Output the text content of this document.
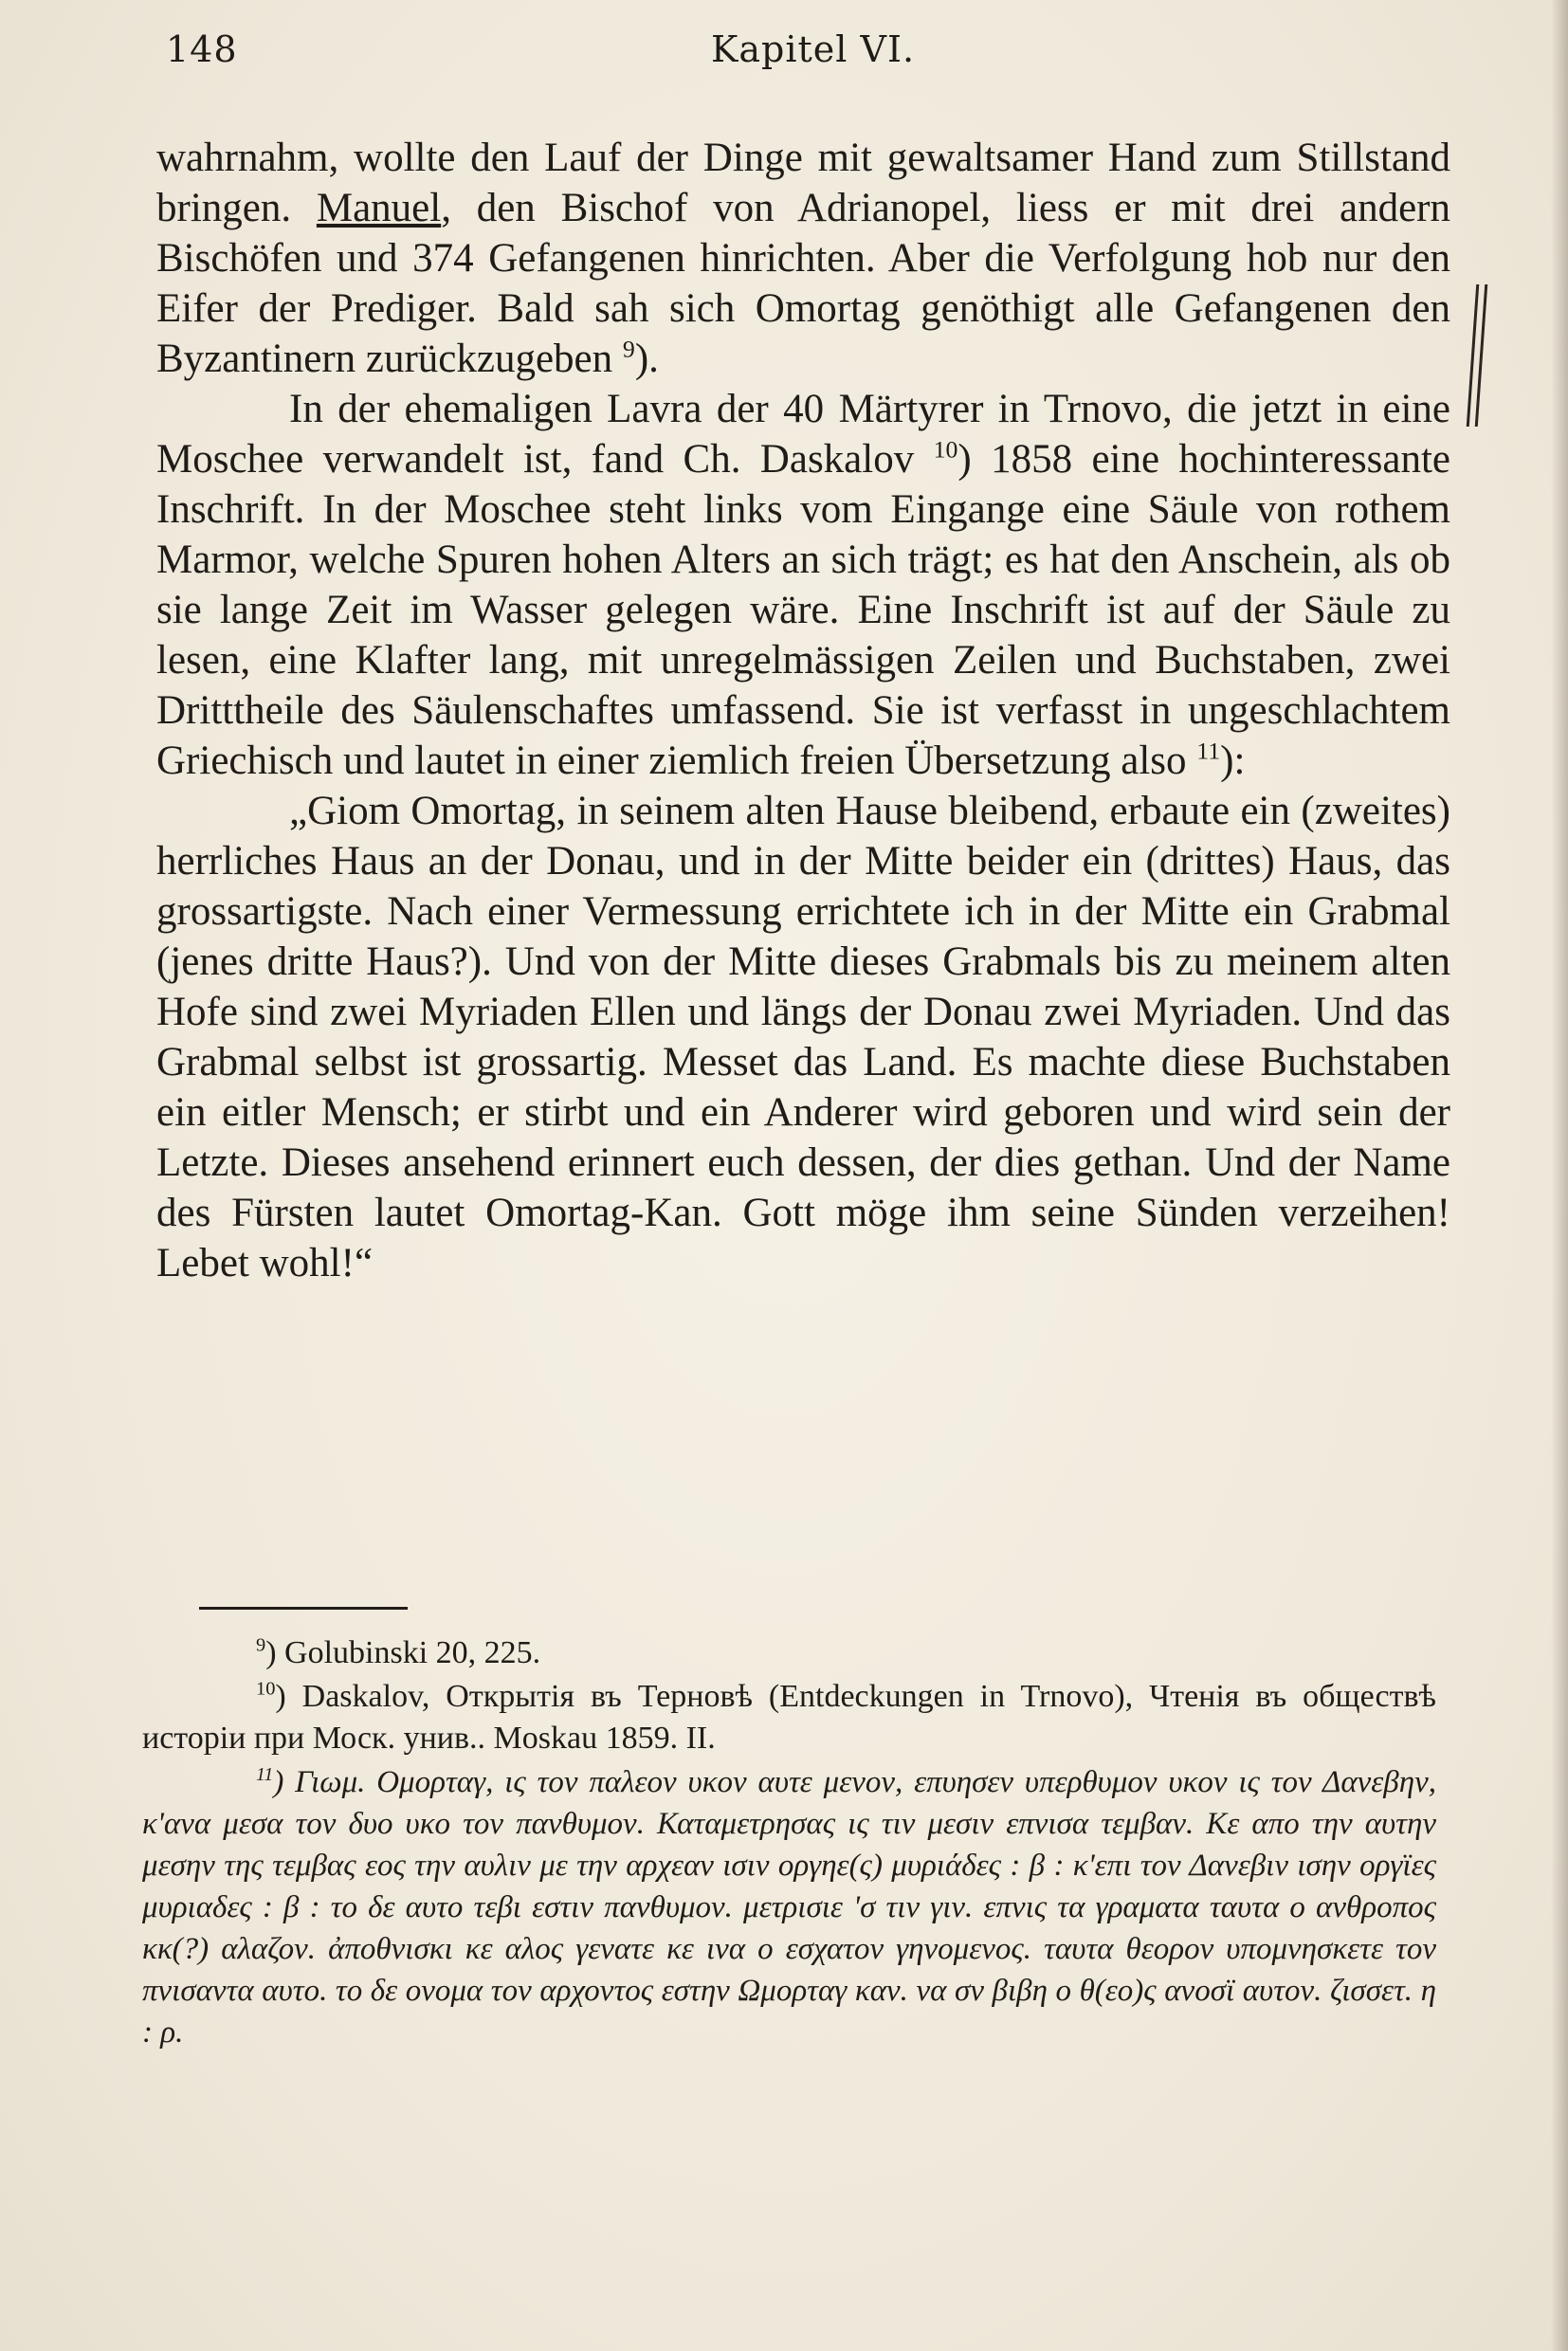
148	Kapitel VI.

wahrnahm, wollte den Lauf der Dinge mit gewaltsamer Hand zum Stillstand bringen. Manuel, den Bischof von Adrianopel, liess er mit drei andern Bischöfen und 374 Gefangenen hinrichten. Aber die Verfolgung hob nur den Eifer der Prediger. Bald sah sich Omortag genöthigt alle Gefangenen den Byzantinern zurückzugeben $^9$).

In der ehemaligen Lavra der 40 Märtyrer in Trnovo, die jetzt in eine Moschee verwandelt ist, fand Ch. Daskalov $^{10}$) 1858 eine hochinteressante Inschrift. In der Moschee steht links vom Eingange eine Säule von rothem Marmor, welche Spuren hohen Alters an sich trägt; es hat den Anschein, als ob sie lange Zeit im Wasser gelegen wäre. Eine Inschrift ist auf der Säule zu lesen, eine Klafter lang, mit unregelmässigen Zeilen und Buchstaben, zwei Dritttheile des Säulenschaftes umfassend. Sie ist verfasst in ungeschlachtem Griechisch und lautet in einer ziemlich freien Übersetzung also $^{11}$):

„Giom Omortag, in seinem alten Hause bleibend, erbaute ein (zweites) herrliches Haus an der Donau, und in der Mitte beider ein (drittes) Haus, das grossartigste. Nach einer Vermessung errichtete ich in der Mitte ein Grabmal (jenes dritte Haus?). Und von der Mitte dieses Grabmals bis zu meinem alten Hofe sind zwei Myriaden Ellen und längs der Donau zwei Myriaden. Und das Grabmal selbst ist grossartig. Messet das Land. Es machte diese Buchstaben ein eitler Mensch; er stirbt und ein Anderer wird geboren und wird sein der Letzte. Dieses ansehend erinnert euch dessen, der dies gethan. Und der Name des Fürsten lautet Omortag-Kan. Gott möge ihm seine Sünden verzeihen! Lebet wohl!“

$^9$) Golubinski 20, 225.

$^{10}$) Daskalov, Открытія въ Терновѣ (Entdeckungen in Trnovo), Чтенія въ обществѣ исторіи при Моск. унив.. Moskau 1859. II.

$^{11}$) Γιωμ. Ομορταγ, ις τον παλεον υκον αυτε μενον, επυησεν υπερθυμον υκον ις τον Δανεβην, κ'ανα μεσα τον δυο υκο τον πανθυμον. Καταμετρησας ις τιν μεσιν επνισα τεμβαν. Κε απο την αυτην μεσην της τεμβας εος την αυλιν με την αρχεαν ισιν οργηε(ς) μυριάδες : β : κ'επι τον Δανεβιν ισην οργϊες μυριαδες : β : το δε αυτο τεβι εστιν πανθυμον. μετρισιε 'σ τιν γιν. επνις τα γραματα ταυτα ο ανθροπος κκ(?) αλαζον. ἀποθνισκι κε αλος γενατε κε ινα ο εσχατον γηνομενος. ταυτα θεορον υπομνησκετε τον πνισαντα αυτο. το δε ονομα τον αρχοντος εστην Ωμορταγ καν. να σν βιβη ο θ(εο)ς ανοσϊ αυτον. ζισσετ. η : ρ.
